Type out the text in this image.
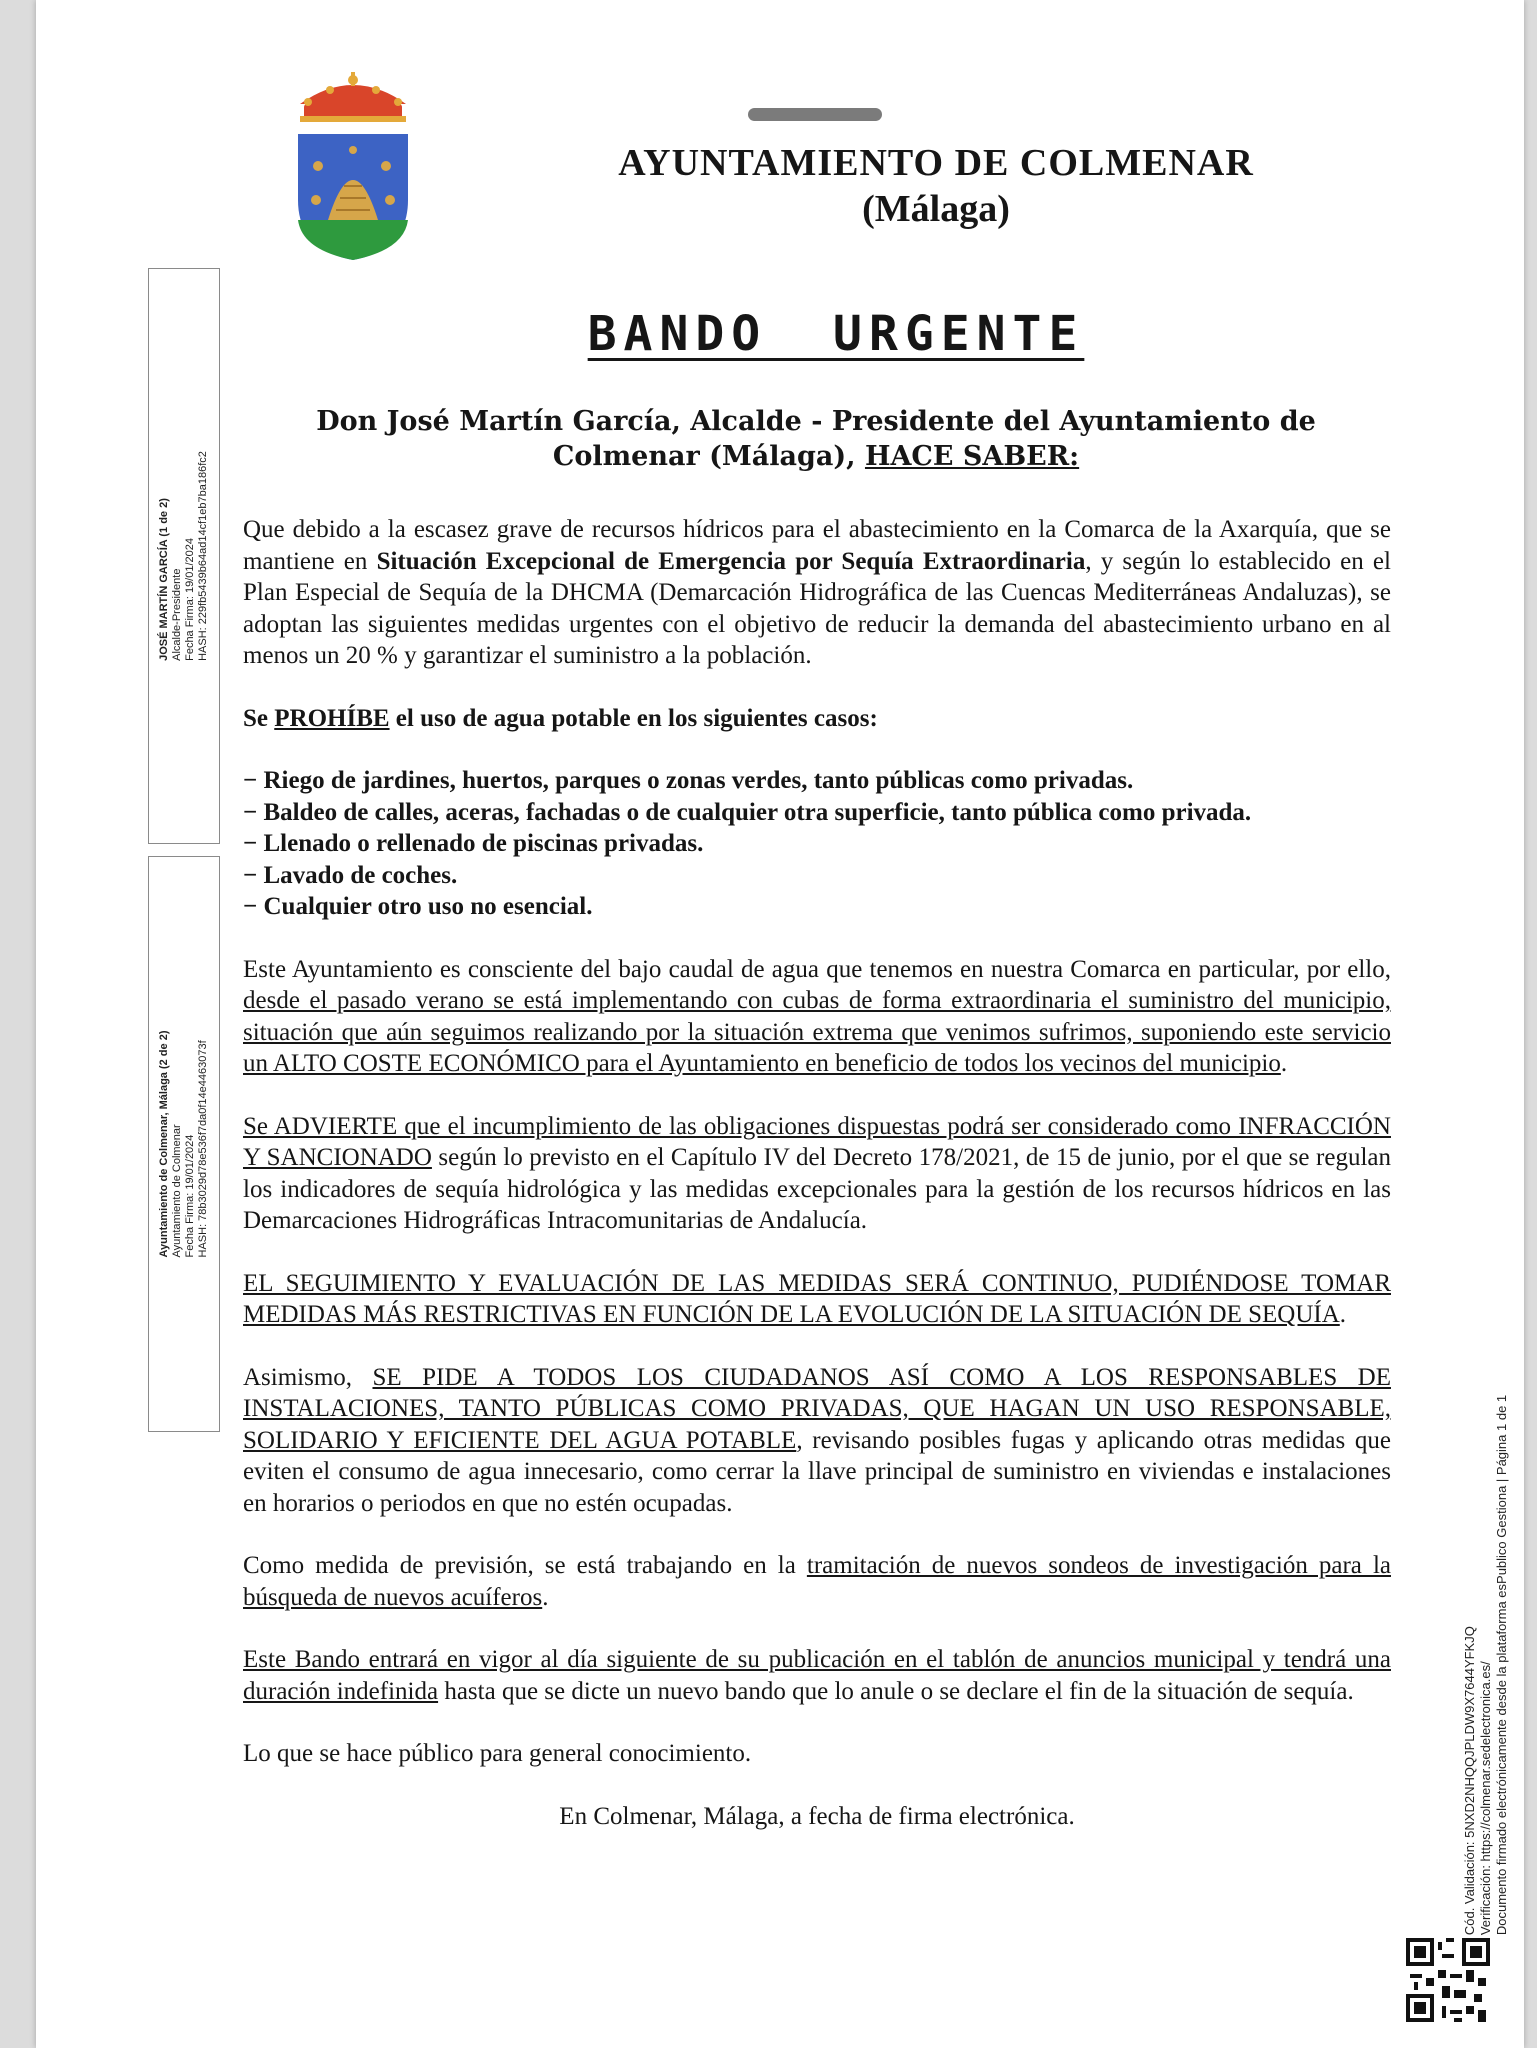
AYUNTAMIENTO DE COLMENAR
(Málaga)
BANDO URGENTE
Don José Martín García, Alcalde - Presidente del Ayuntamiento de Colmenar (Málaga), HACE SABER:

Que debido a la escasez grave de recursos hídricos para el abastecimiento en la Comarca de la Axarquía, que se mantiene en Situación Excepcional de Emergencia por Sequía Extraordinaria, y según lo establecido en el Plan Especial de Sequía de la DHCMA (Demarcación Hidrográfica de las Cuencas Mediterráneas Andaluzas), se adoptan las siguientes medidas urgentes con el objetivo de reducir la demanda del abastecimiento urbano en al menos un 20 % y garantizar el suministro a la población.

Se PROHÍBE el uso de agua potable en los siguientes casos:

− Riego de jardines, huertos, parques o zonas verdes, tanto públicas como privadas.
− Baldeo de calles, aceras, fachadas o de cualquier otra superficie, tanto pública como privada.
− Llenado o rellenado de piscinas privadas.
− Lavado de coches.
− Cualquier otro uso no esencial.

Este Ayuntamiento es consciente del bajo caudal de agua que tenemos en nuestra Comarca en particular, por ello, desde el pasado verano se está implementando con cubas de forma extraordinaria el suministro del municipio, situación que aún seguimos realizando por la situación extrema que venimos sufrimos, suponiendo este servicio un ALTO COSTE ECONÓMICO para el Ayuntamiento en beneficio de todos los vecinos del municipio.

Se ADVIERTE que el incumplimiento de las obligaciones dispuestas podrá ser considerado como INFRACCIÓN Y SANCIONADO según lo previsto en el Capítulo IV del Decreto 178/2021, de 15 de junio, por el que se regulan los indicadores de sequía hidrológica y las medidas excepcionales para la gestión de los recursos hídricos en las Demarcaciones Hidrográficas Intracomunitarias de Andalucía.

EL SEGUIMIENTO Y EVALUACIÓN DE LAS MEDIDAS SERÁ CONTINUO, PUDIÉNDOSE TOMAR MEDIDAS MÁS RESTRICTIVAS EN FUNCIÓN DE LA EVOLUCIÓN DE LA SITUACIÓN DE SEQUÍA.

Asimismo, SE PIDE A TODOS LOS CIUDADANOS ASÍ COMO A LOS RESPONSABLES DE INSTALACIONES, TANTO PÚBLICAS COMO PRIVADAS, QUE HAGAN UN USO RESPONSABLE, SOLIDARIO Y EFICIENTE DEL AGUA POTABLE, revisando posibles fugas y aplicando otras medidas que eviten el consumo de agua innecesario, como cerrar la llave principal de suministro en viviendas e instalaciones en horarios o periodos en que no estén ocupadas.

Como medida de previsión, se está trabajando en la tramitación de nuevos sondeos de investigación para la búsqueda de nuevos acuíferos.

Este Bando entrará en vigor al día siguiente de su publicación en el tablón de anuncios municipal y tendrá una duración indefinida hasta que se dicte un nuevo bando que lo anule o se declare el fin de la situación de sequía.

Lo que se hace público para general conocimiento.

En Colmenar, Málaga, a fecha de firma electrónica.

JOSÉ MARTÍN GARCÍA (1 de 2) Alcalde-Presidente Fecha Firma: 19/01/2024 HASH: 229fb5439b64ad14cf1eb7ba186fc2
Ayuntamiento de Colmenar, Málaga (2 de 2) Ayuntamiento de Colmenar Fecha Firma: 19/01/2024 HASH: 78b3029d78e536f7da0f14e4463073f
Cód. Validación: 5NXD2NHQQJPLDW9X7644YFKJQ Verificación: https://colmenar.sedelectronica.es/ Documento firmado electrónicamente desde la plataforma esPublico Gestiona | Página 1 de 1
